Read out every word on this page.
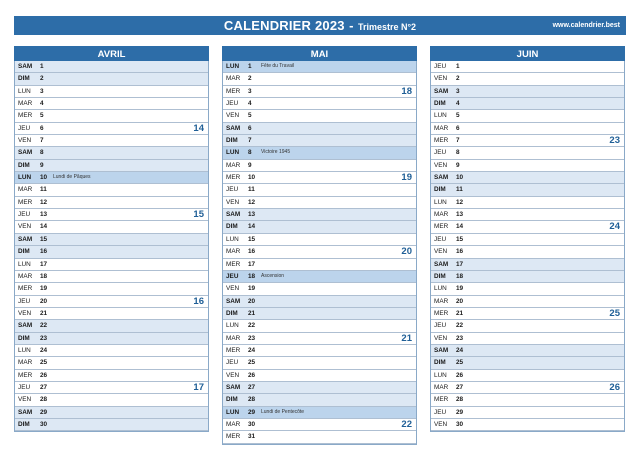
CALENDRIER 2023 - Trimestre N°2	www.calendrier.best
AVRIL
SAM	1
DIM	2
LUN	3
MAR	4
MER	5
JEU	6	14
VEN	7
SAM	8
DIM	9
LUN	10	Lundi de Pâques
MAR	11
MER	12
JEU	13	15
VEN	14
SAM	15
DIM	16
LUN	17
MAR	18
MER	19
JEU	20	16
VEN	21
SAM	22
DIM	23
LUN	24
MAR	25
MER	26
JEU	27	17
VEN	28
SAM	29
DIM	30
MAI
LUN	1	Fête du Travail
MAR	2
MER	3	18
JEU	4
VEN	5
SAM	6
DIM	7
LUN	8	Victoire 1945
MAR	9
MER	10	19
JEU	11
VEN	12
SAM	13
DIM	14
LUN	15
MAR	16	20
MER	17
JEU	18	Ascension
VEN	19
SAM	20
DIM	21
LUN	22
MAR	23	21
MER	24
JEU	25
VEN	26
SAM	27
DIM	28
LUN	29	Lundi de Pentecôte
MAR	30	22
MER	31
JUIN
JEU	1
VEN	2
SAM	3
DIM	4
LUN	5
MAR	6
MER	7	23
JEU	8
VEN	9
SAM	10
DIM	11
LUN	12
MAR	13
MER	14	24
JEU	15
VEN	16
SAM	17
DIM	18
LUN	19
MAR	20
MER	21	25
JEU	22
VEN	23
SAM	24
DIM	25
LUN	26
MAR	27	26
MER	28
JEU	29
VEN	30
